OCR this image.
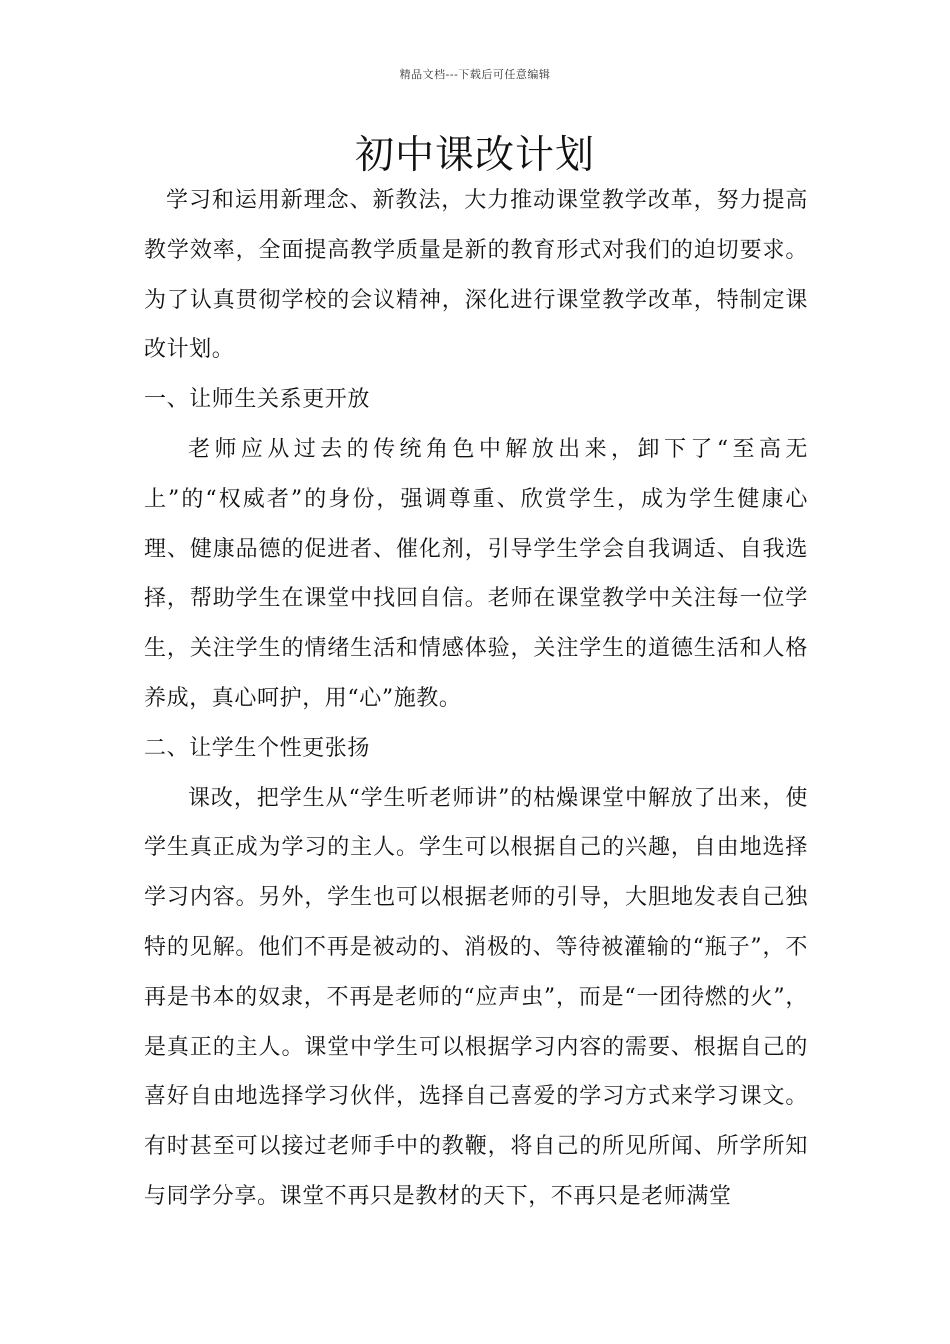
精品文档---下载后可任意编辑
初中课改计划

学习和运用新理念、新教法，大力推动课堂教学改革，努力提高教学效率，全面提高教学质量是新的教育形式对我们的迫切要求。为了认真贯彻学校的会议精神，深化进行课堂教学改革，特制定课改计划。

一、让师生关系更开放

老师应从过去的传统角色中解放出来，卸下了“至高无上”的“权威者”的身份，强调尊重、欣赏学生，成为学生健康心理、健康品德的促进者、催化剂，引导学生学会自我调适、自我选择，帮助学生在课堂中找回自信。老师在课堂教学中关注每一位学生，关注学生的情绪生活和情感体验，关注学生的道德生活和人格养成，真心呵护，用“心”施教。

二、让学生个性更张扬

课改，把学生从“学生听老师讲”的枯燥课堂中解放了出来，使学生真正成为学习的主人。学生可以根据自己的兴趣，自由地选择学习内容。另外，学生也可以根据老师的引导，大胆地发表自己独特的见解。他们不再是被动的、消极的、等待被灌输的“瓶子”，不再是书本的奴隶，不再是老师的“应声虫”，而是“一团待燃的火”，是真正的主人。课堂中学生可以根据学习内容的需要、根据自己的喜好自由地选择学习伙伴，选择自己喜爱的学习方式来学习课文。有时甚至可以接过老师手中的教鞭，将自己的所见所闻、所学所知与同学分享。课堂不再只是教材的天下，不再只是老师满堂
